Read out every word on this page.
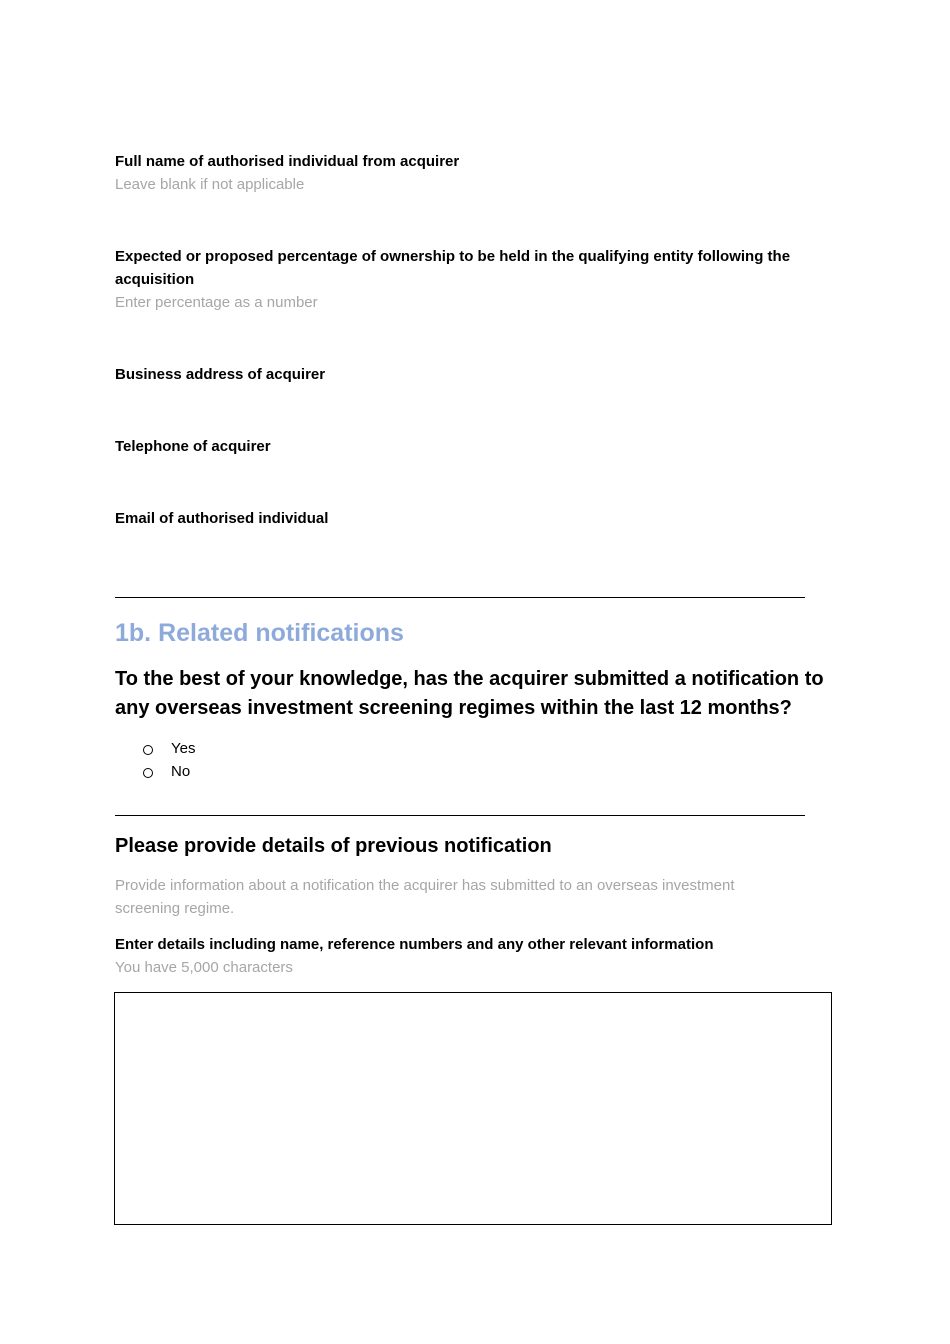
Full name of authorised individual from acquirer
Leave blank if not applicable
Expected or proposed percentage of ownership to be held in the qualifying entity following the
acquisition
Enter percentage as a number
Business address of acquirer
Telephone of acquirer
Email of authorised individual
1b. Related notifications
To the best of your knowledge, has the acquirer submitted a notification to any overseas investment screening regimes within the last 12 months?
Yes
No
Please provide details of previous notification
Provide information about a notification the acquirer has submitted to an overseas investment
screening regime.
Enter details including name, reference numbers and any other relevant information
You have 5,000 characters
